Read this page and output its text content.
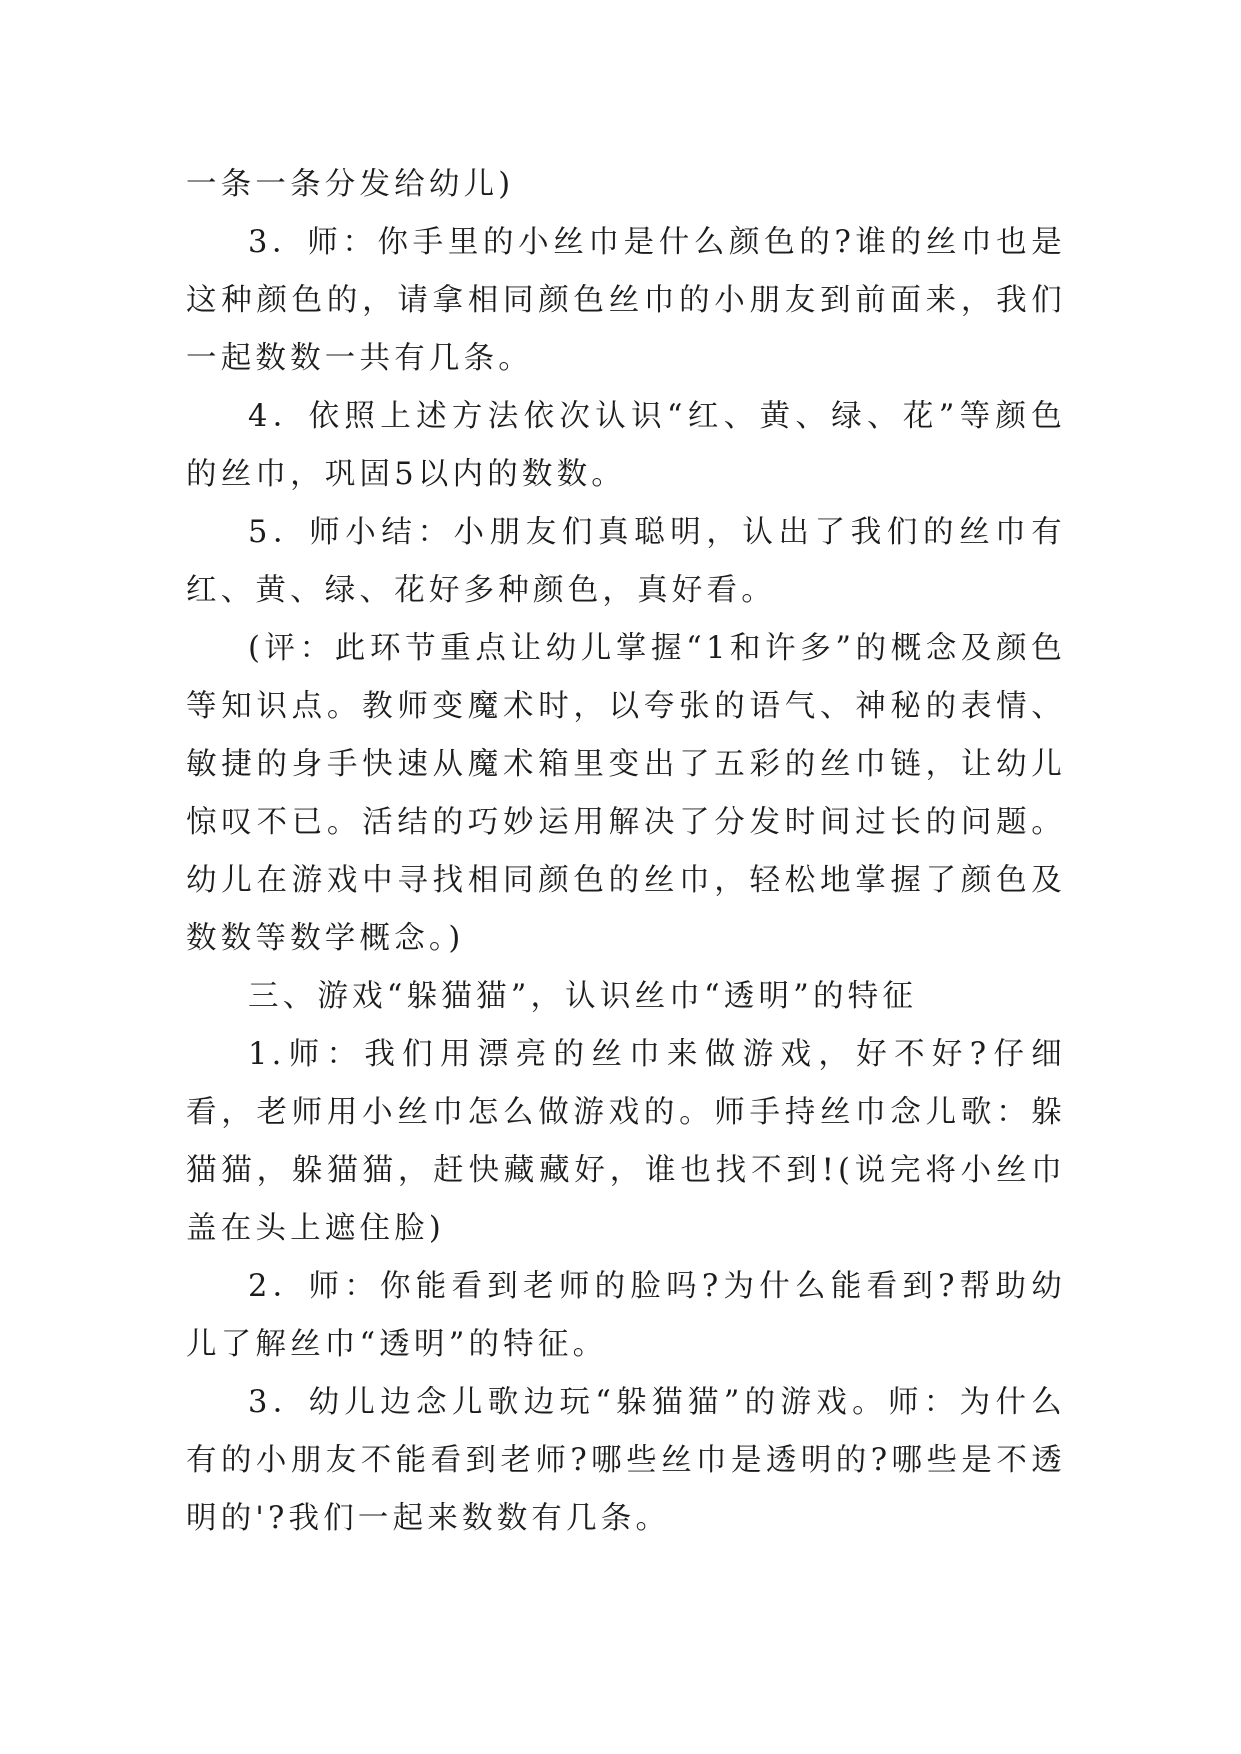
一条一条分发给幼儿)

3．师：你手里的小丝巾是什么颜色的?谁的丝巾也是这种颜色的，请拿相同颜色丝巾的小朋友到前面来，我们一起数数一共有几条。

4．依照上述方法依次认识“红、黄、绿、花”等颜色的丝巾，巩固5以内的数数。

5．师小结：小朋友们真聪明，认出了我们的丝巾有红、黄、绿、花好多种颜色，真好看。

(评：此环节重点让幼儿掌握“1和许多”的概念及颜色等知识点。教师变魔术时，以夸张的语气、神秘的表情、敏捷的身手快速从魔术箱里变出了五彩的丝巾链，让幼儿惊叹不已。活结的巧妙运用解决了分发时间过长的问题。幼儿在游戏中寻找相同颜色的丝巾，轻松地掌握了颜色及数数等数学概念。)

三、游戏“躲猫猫”，认识丝巾“透明”的特征

1.师：我们用漂亮的丝巾来做游戏，好不好?仔细看，老师用小丝巾怎么做游戏的。师手持丝巾念儿歌：躲猫猫，躲猫猫，赶快藏藏好，谁也找不到!(说完将小丝巾盖在头上遮住脸)

2．师：你能看到老师的脸吗?为什么能看到?帮助幼儿了解丝巾“透明”的特征。

3．幼儿边念儿歌边玩“躲猫猫”的游戏。师：为什么有的小朋友不能看到老师?哪些丝巾是透明的?哪些是不透明的'?我们一起来数数有几条。
